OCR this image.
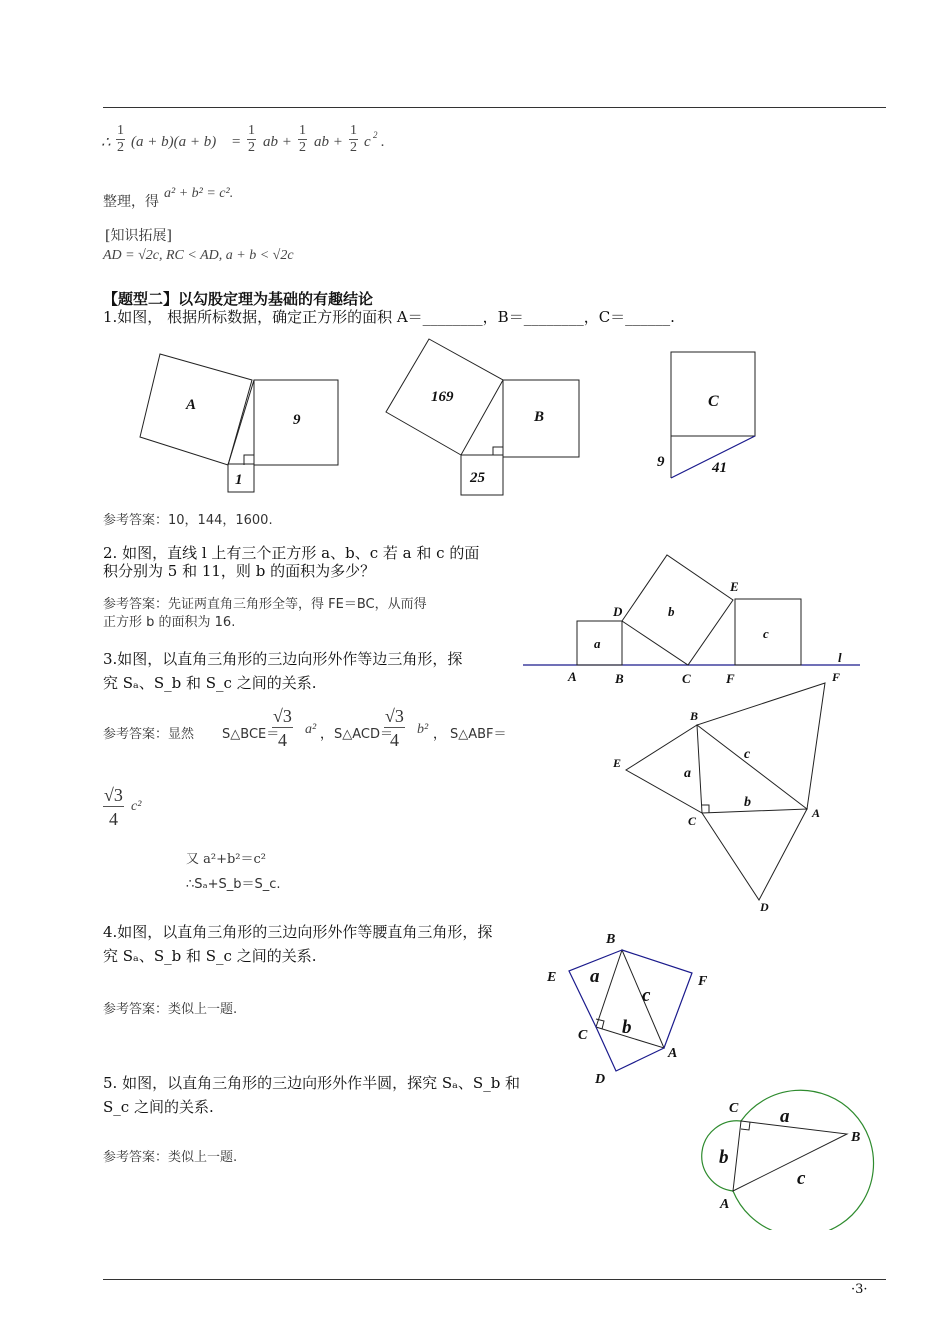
∴ $\frac{1}{2} (a + b)(a + b) = \frac{1}{2}$ ab + $\frac{1}{2}$ ab + $\frac{1}{2}$ c 2 .
整理，得
a² + b² = c².
[知识拓展]
AD = √2c, RC < AD, a + b < √2c
【题型二】以勾股定理为基础的有趣结论
1.如图， 根据所标数据，确定正方形的面积 A＝________，B＝________，C＝______.
A
9
1
169
B
25
C
9	41
参考答案：10，144，1600.
2. 如图，直线 l 上有三个正方形 a、b、c 若 a 和 c 的面
积分别为 5 和 11，则 b 的面积为多少？
参考答案：先证两直角三角形全等，得 FE＝BC，从而得
正方形 b 的面积为 16.
a
b
c
D
E
l
A	B	C	F
3.如图，以直角三角形的三边向形外作等边三角形，探
究 Sₐ、S_b 和 S_c 之间的关系.
参考答案：显然 S△BCE＝
$\frac{√3}{4} a^2$ ， S△ACD＝
$\frac{√3}{4} b^2$ ， S△ABF＝
$\frac{√3}{4} c^2$
又 a²+b²＝c²
∴Sₐ+S_b＝S_c.
B
F
E
a
c
b
C
A
D
4.如图，以直角三角形的三边向形外作等腰直角三角形，探
究 Sₐ、S_b 和 S_c 之间的关系.
参考答案：类似上一题.
B
E	F
a
c
b
C
A
D
5. 如图，以直角三角形的三边向形外作半圆，探究 Sₐ、S_b 和
S_c 之间的关系.
参考答案：类似上一题.
C a
B
b
c
A
·3·
